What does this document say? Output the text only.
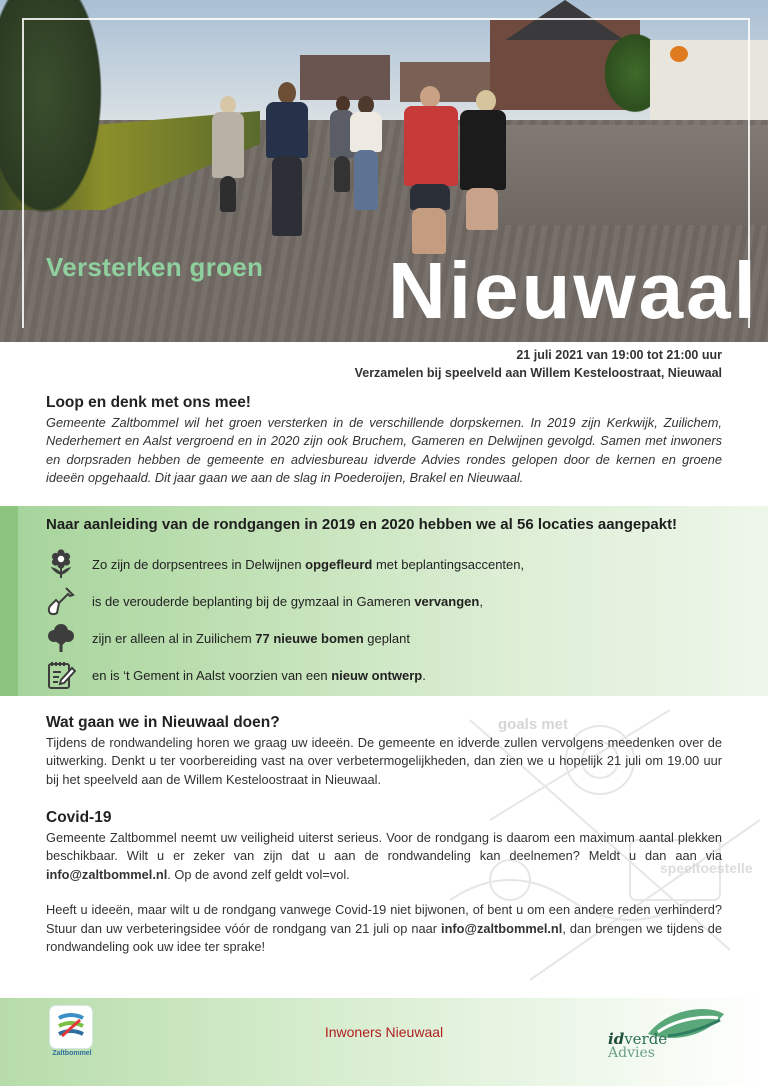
Versterken groen Nieuwaal
21 juli 2021 van 19:00 tot 21:00 uur
Verzamelen bij speelveld aan Willem Kesteloostraat, Nieuwaal
Loop en denk met ons mee!
Gemeente Zaltbommel wil het groen versterken in de verschillende dorpskernen. In 2019 zijn Kerkwijk, Zuilichem, Nederhemert en Aalst vergroend en in 2020 zijn ook Bruchem, Gameren en Delwijnen gevolgd. Samen met inwoners en dorpsraden hebben de gemeente en adviesbureau idverde Advies rondes gelopen door de kernen en groene ideeën opgehaald. Dit jaar gaan we aan de slag in Poederoijen, Brakel en Nieuwaal.
Naar aanleiding van de rondgangen in 2019 en 2020 hebben we al 56 locaties aangepakt!
Zo zijn de dorpsentrees in Delwijnen opgefleurd met beplantingsaccenten,
is de verouderde beplanting bij de gymzaal in Gameren vervangen,
zijn er alleen al in Zuilichem 77 nieuwe bomen geplant
en is ‘t Gement in Aalst voorzien van een nieuw ontwerp.
goals met
speeltoestelle
Wat gaan we in Nieuwaal doen?
Tijdens de rondwandeling horen we graag uw ideeën. De gemeente en idverde zullen vervolgens meedenken over de uitwerking. Denkt u ter voorbereiding vast na over verbetermogelijkheden, dan zien we u hopelijk 21 juli om 19.00 uur bij het speelveld aan de Willem Kesteloostraat in Nieuwaal.
Covid-19
Gemeente Zaltbommel neemt uw veiligheid uiterst serieus. Voor de rondgang is daarom een maximum aantal plekken beschikbaar. Wilt u er zeker van zijn dat u aan de rondwandeling kan deelnemen? Meldt u dan aan via info@zaltbommel.nl. Op de avond zelf geldt vol=vol.
Heeft u ideeën, maar wilt u de rondgang vanwege Covid-19 niet bijwonen, of bent u om een andere reden verhinderd? Stuur dan uw verbeteringsidee vóór de rondgang van 21 juli op naar info@zaltbommel.nl, dan brengen we tijdens de rondwandeling ook uw idee ter sprake!
Zaltbommel
Inwoners Nieuwaal	idverde
Advies
